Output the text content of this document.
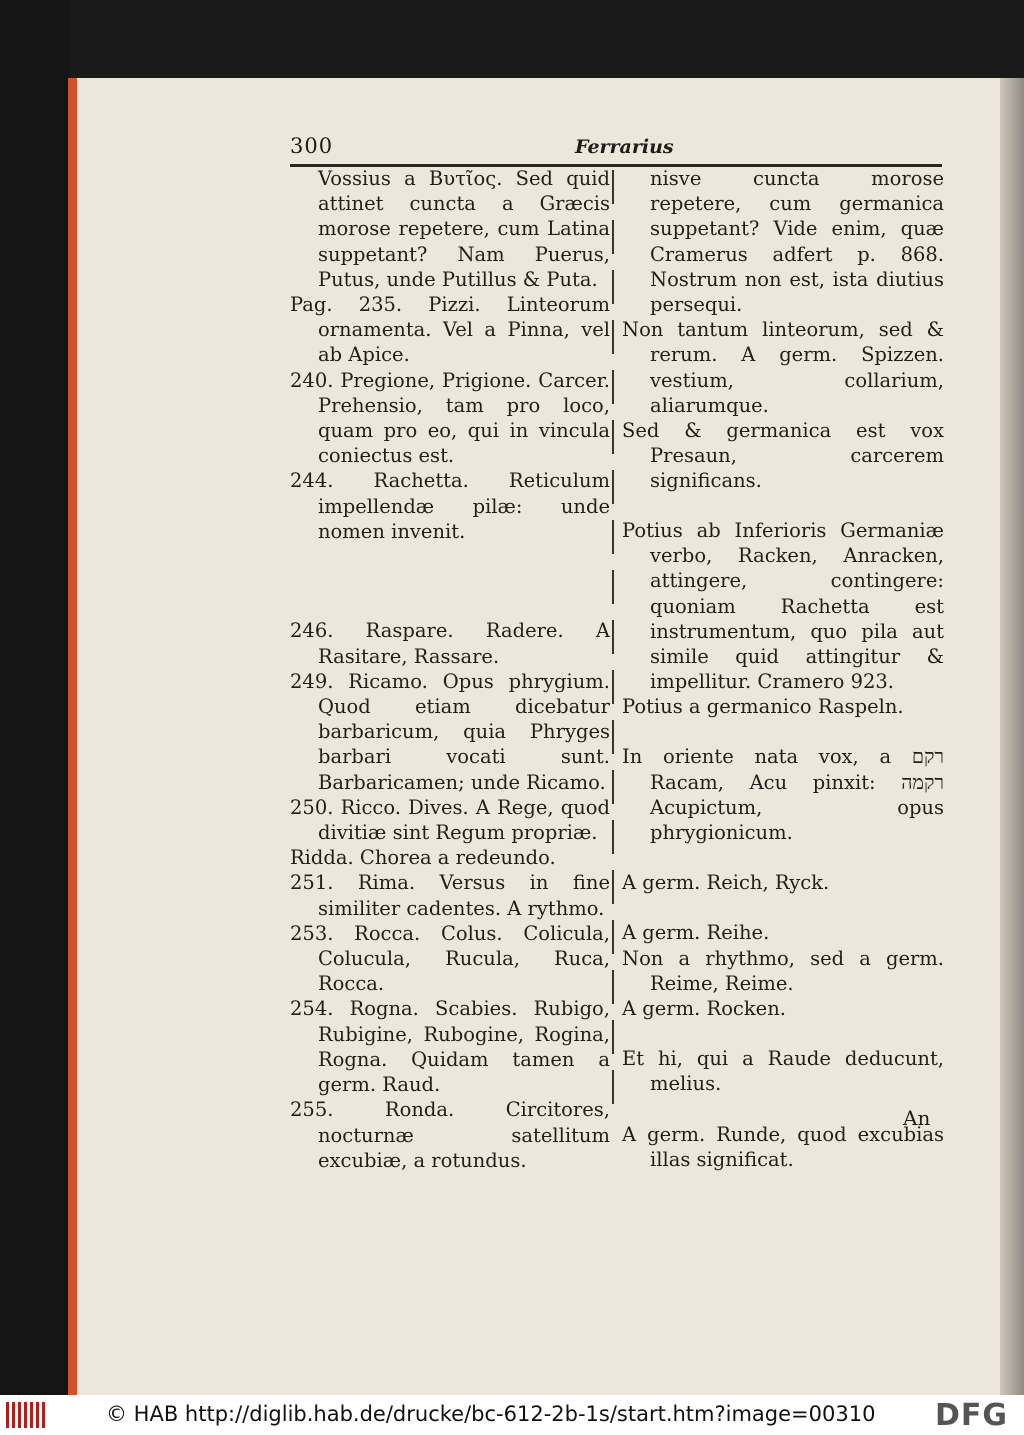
300	Ferrarius

Vossius a Βυτῖος. Sed quid attinet cuncta a Græcis morose repetere, cum Latina suppetant? Nam Puerus, Putus, unde Putillus & Puta.

Pag. 235. Pizzi. Linteorum ornamenta. Vel a Pinna, vel ab Apice.

240. Pregione, Prigione. Carcer. Prehensio, tam pro loco, quam pro eo, qui in vincula coniectus est.

244. Rachetta. Reticulum impellendæ pilæ: unde nomen invenit.

246. Raspare. Radere. A Rasitare, Rassare.

249. Ricamo. Opus phrygium. Quod etiam dicebatur barbaricum, quia Phryges barbari vocati sunt. Barbaricamen; unde Ricamo.

250. Ricco. Dives. A Rege, quod divitiæ sint Regum propriæ.

Ridda. Chorea a redeundo.

251. Rima. Versus in fine similiter cadentes. A rythmo.

253. Rocca. Colus. Colicula, Colucula, Rucula, Ruca, Rocca.

254. Rogna. Scabies. Rubigo, Rubigine, Rubogine, Rogina, Rogna. Quidam tamen a germ. Raud.

255. Ronda. Circitores, nocturnæ satellitum excubiæ, a rotundus.

nisve cuncta morose repetere, cum germanica suppetant? Vide enim, quæ Cramerus adfert p. 868. Nostrum non est, ista diutius persequi.

Non tantum linteorum, sed & rerum. A germ. Spizzen. vestium, collarium, aliarumque.

Sed & germanica est vox Presaun, carcerem significans.

Potius ab Inferioris Germaniæ verbo, Racken, Anracken, attingere, contingere: quoniam Rachetta est instrumentum, quo pila aut simile quid attingitur & impellitur. Cramero 923.

Potius a germanico Raspeln.

In oriente nata vox, a רקם Racam, Acu pinxit: רקמה Acupictum, opus phrygionicum.

A germ. Reich, Ryck.

A germ. Reihe.

Non a rhythmo, sed a germ. Reime, Reime.

A germ. Rocken.

Et hi, qui a Raude deducunt, melius.

A germ. Runde, quod excubias illas significat.

An
© HAB http://diglib.hab.de/drucke/bc-612-2b-1s/start.htm?image=00310 DFG
